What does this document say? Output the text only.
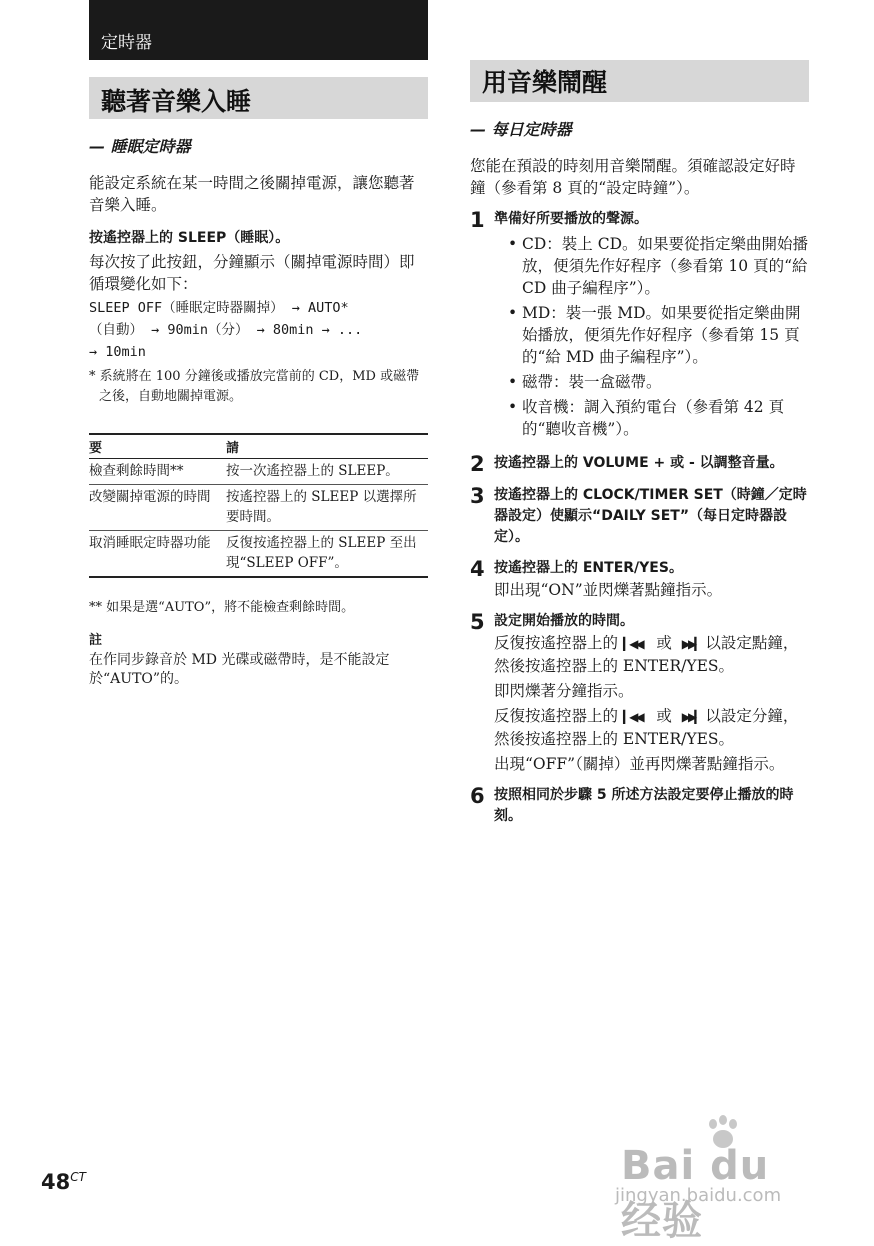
定時器
聽著音樂入睡
— 睡眠定時器

能設定系統在某一時間之後關掉電源，讓您聽著音樂入睡。

按遙控器上的 SLEEP（睡眠）。

每次按了此按鈕，分鐘顯示（關掉電源時間）即循環變化如下：

SLEEP OFF（睡眠定時器關掉） → AUTO*

（自動） → 90min（分） → 80min → ...

→ 10min

* 系統將在 100 分鐘後或播放完當前的 CD，MD 或磁帶之後，自動地關掉電源。

要	請
檢查剩餘時間**	按一次遙控器上的 SLEEP。
改變關掉電源的時間	按遙控器上的 SLEEP 以選擇所要時間。
取消睡眠定時器功能	反復按遙控器上的 SLEEP 至出現“SLEEP OFF”。

** 如果是選“AUTO”，將不能檢查剩餘時間。

註

在作同步錄音於 MD 光碟或磁帶時，是不能設定於“AUTO”的。

用音樂鬧醒
— 每日定時器

您能在預設的時刻用音樂鬧醒。須確認設定好時鐘（參看第 8 頁的“設定時鐘”）。

1 準備好所要播放的聲源。
• CD：裝上 CD。如果要從指定樂曲開始播放，便須先作好程序（參看第 10 頁的“給 CD 曲子編程序”）。
• MD：裝一張 MD。如果要從指定樂曲開始播放，便須先作好程序（參看第 15 頁的“給 MD 曲子編程序”）。
• 磁帶：裝一盒磁帶。
• 收音機：調入預約電台（參看第 42 頁的“聽收音機”）。
2 按遙控器上的 VOLUME + 或 - 以調整音量。
3 按遙控器上的 CLOCK/TIMER SET（時鐘／定時器設定）使顯示“DAILY SET”（每日定時器設定）。
4 按遙控器上的 ENTER/YES。

即出現“ON”並閃爍著點鐘指示。

5 設定開始播放的時間。

反復按遙控器上的 ▎◀◀ 或 ▶▶▎ 以設定點鐘，然後按遙控器上的 ENTER/YES。

即閃爍著分鐘指示。

反復按遙控器上的 ▎◀◀ 或 ▶▶▎ 以設定分鐘，然後按遙控器上的 ENTER/YES。

出現“OFF”（關掉）並再閃爍著點鐘指示。

6 按照相同於步驟 5 所述方法設定要停止播放的時刻。
$48^{CT}$	Bai du 经验
jingyan.baidu.com
